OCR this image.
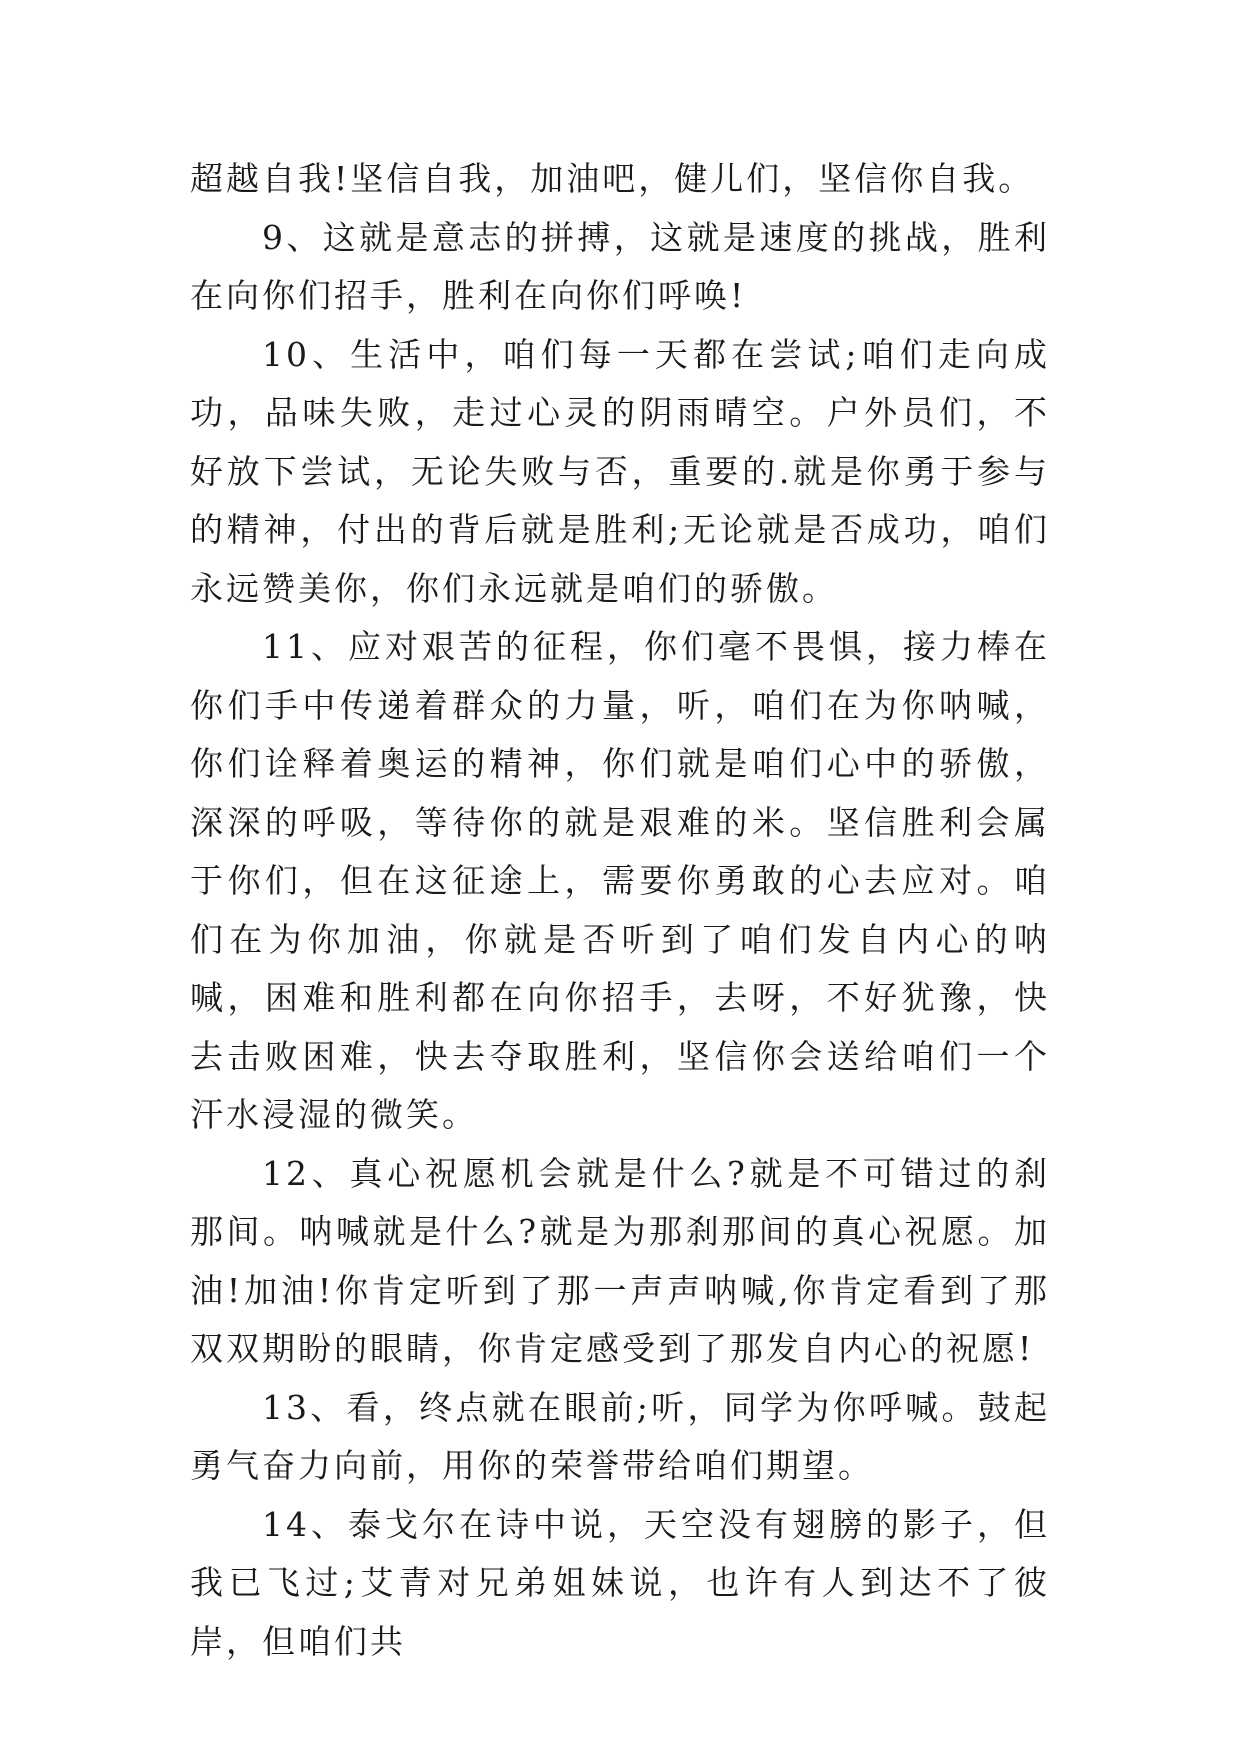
超越自我!坚信自我，加油吧，健儿们，坚信你自我。

9、这就是意志的拼搏，这就是速度的挑战，胜利在向你们招手，胜利在向你们呼唤!

10、生活中，咱们每一天都在尝试;咱们走向成功，品味失败，走过心灵的阴雨晴空。户外员们，不好放下尝试，无论失败与否，重要的.就是你勇于参与的精神，付出的背后就是胜利;无论就是否成功，咱们永远赞美你，你们永远就是咱们的骄傲。

11、应对艰苦的征程，你们毫不畏惧，接力棒在你们手中传递着群众的力量，听，咱们在为你呐喊，你们诠释着奥运的精神，你们就是咱们心中的骄傲，深深的呼吸，等待你的就是艰难的米。坚信胜利会属于你们，但在这征途上，需要你勇敢的心去应对。咱们在为你加油，你就是否听到了咱们发自内心的呐喊，困难和胜利都在向你招手，去呀，不好犹豫，快去击败困难，快去夺取胜利，坚信你会送给咱们一个汗水浸湿的微笑。

12、真心祝愿机会就是什么?就是不可错过的刹那间。呐喊就是什么?就是为那刹那间的真心祝愿。加油!加油!你肯定听到了那一声声呐喊,你肯定看到了那双双期盼的眼睛，你肯定感受到了那发自内心的祝愿!

13、看，终点就在眼前;听，同学为你呼喊。鼓起勇气奋力向前，用你的荣誉带给咱们期望。

14、泰戈尔在诗中说，天空没有翅膀的影子，但我已飞过;艾青对兄弟姐妹说，也许有人到达不了彼岸，但咱们共
